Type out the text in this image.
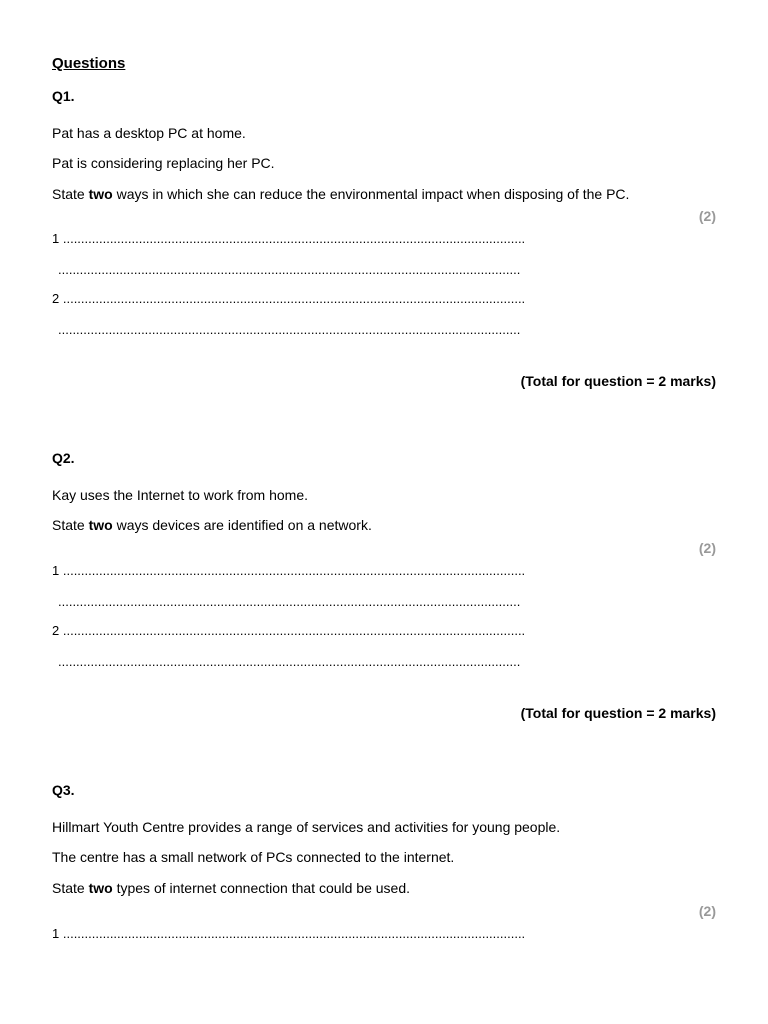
Questions
Q1.
Pat has a desktop PC at home.
Pat is considering replacing her PC.
State two ways in which she can reduce the environmental impact when disposing of the PC.
(2)
1 ................................................................................................................................
................................................................................................................................
2 ................................................................................................................................
................................................................................................................................
(Total for question = 2 marks)
Q2.
Kay uses the Internet to work from home.
State two ways devices are identified on a network.
(2)
1 ................................................................................................................................
................................................................................................................................
2 ................................................................................................................................
................................................................................................................................
(Total for question = 2 marks)
Q3.
Hillmart Youth Centre provides a range of services and activities for young people.
The centre has a small network of PCs connected to the internet.
State two types of internet connection that could be used.
(2)
1 ................................................................................................................................
